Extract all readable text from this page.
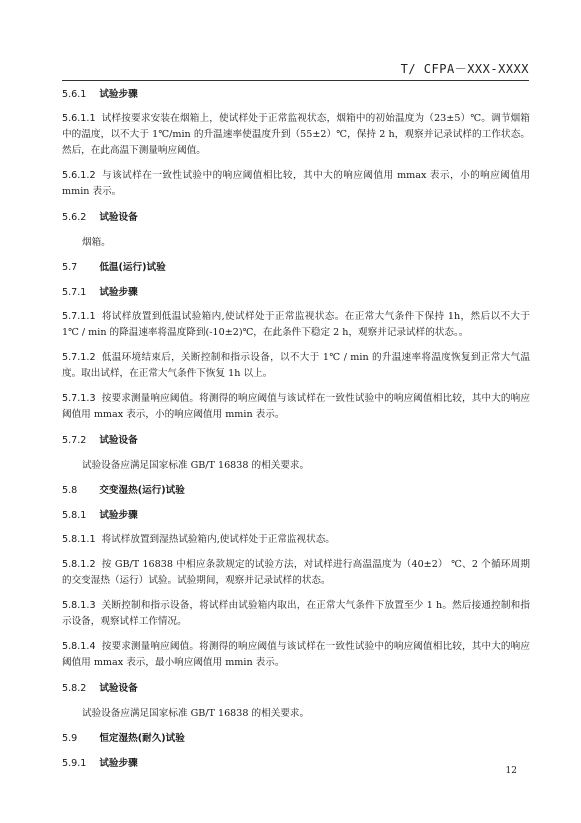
T/ CFPA－XXX-XXXX

5.6.1 试验步骤

5.6.1.1 试样按要求安装在烟箱上，使试样处于正常监视状态，烟箱中的初始温度为（23±5）℃。调节烟箱中的温度，以不大于 1℃/min 的升温速率使温度升到（55±2）℃，保持 2 h，观察并记录试样的工作状态。然后，在此高温下测量响应阈值。

5.6.1.2 与该试样在一致性试验中的响应阈值相比较，其中大的响应阈值用 mmax 表示，小的响应阈值用 mmin 表示。

5.6.2 试验设备

烟箱。

5.7 低温(运行)试验

5.7.1 试验步骤

5.7.1.1 将试样放置到低温试验箱内,使试样处于正常监视状态。在正常大气条件下保持 1h，然后以不大于 1℃ / min 的降温速率将温度降到(-10±2)℃，在此条件下稳定 2 h，观察并记录试样的状态。。

5.7.1.2 低温环境结束后，关断控制和指示设备，以不大于 1℃ / min 的升温速率将温度恢复到正常大气温度。取出试样，在正常大气条件下恢复 1h 以上。

5.7.1.3 按要求测量响应阈值。将测得的响应阈值与该试样在一致性试验中的响应阈值相比较，其中大的响应阈值用 mmax 表示，小的响应阈值用 mmin 表示。

5.7.2 试验设备

试验设备应满足国家标准 GB/T 16838 的相关要求。

5.8 交变湿热(运行)试验

5.8.1 试验步骤

5.8.1.1 将试样放置到湿热试验箱内,使试样处于正常监视状态。

5.8.1.2 按 GB/T 16838 中相应条款规定的试验方法，对试样进行高温温度为（40±2） ℃、2 个循环周期的交变湿热（运行）试验。试验期间，观察并记录试样的状态。

5.8.1.3 关断控制和指示设备，将试样由试验箱内取出，在正常大气条件下放置至少 1 h。然后接通控制和指示设备，观察试样工作情况。

5.8.1.4 按要求测量响应阈值。将测得的响应阈值与该试样在一致性试验中的响应阈值相比较，其中大的响应阈值用 mmax 表示，最小响应阈值用 mmin 表示。

5.8.2 试验设备

试验设备应满足国家标准 GB/T 16838 的相关要求。

5.9 恒定湿热(耐久)试验

5.9.1 试验步骤

12
